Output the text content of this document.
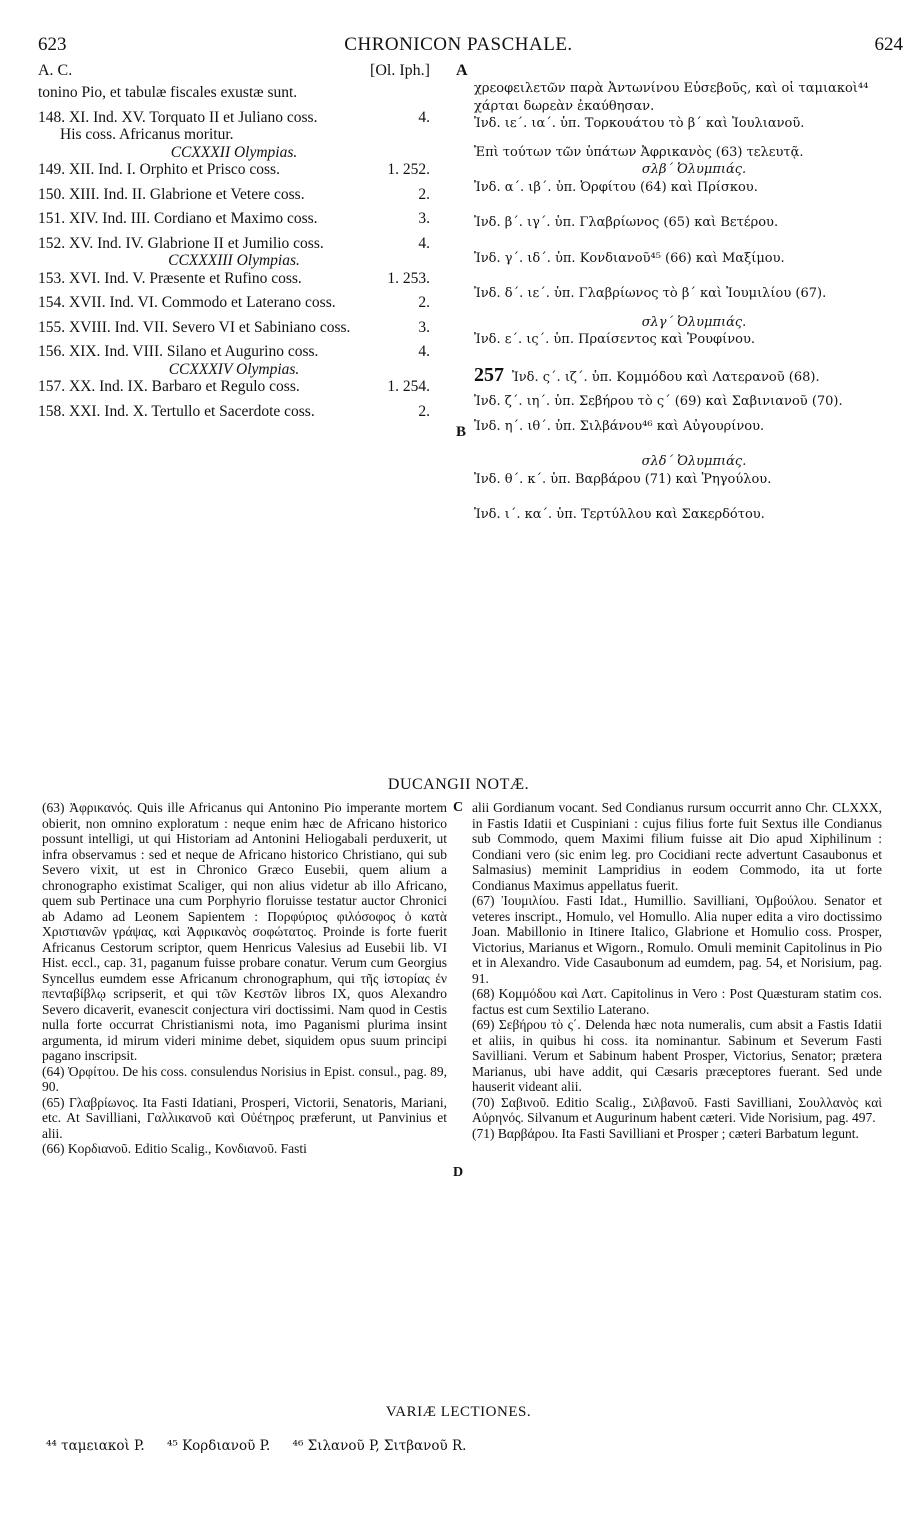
623	CHRONICON PASCHALE.	624
A. C.	[Ol. Iph.] A
tonino Pio, et tabulæ fiscales exustæ sunt.
148. XI. Ind. XV. Torquato II et Juliano coss.	4.
His coss. Africanus moritur.
CCXXXII Olympias.
149. XII. Ind. I. Orphito et Prisco coss.	1. 252.
150. XIII. Ind. II. Glabrione et Vetere coss.	2.
151. XIV. Ind. III. Cordiano et Maximo coss.	3.
152. XV. Ind. IV. Glabrione II et Jumilio coss.	4.
CCXXXIII Olympias.
153. XVI. Ind. V. Præsente et Rufino coss.	1. 253.
154. XVII. Ind. VI. Commodo et Laterano coss.	2.
155. XVIII. Ind. VII. Severo VI et Sabiniano coss.	3.
156. XIX. Ind. VIII. Silano et Augurino coss.	4.
CCXXXIV Olympias.
157. XX. Ind. IX. Barbaro et Regulo coss.	1. 254.
158. XXI. Ind. X. Tertullo et Sacerdote coss.	2.
B
χρεοφειλετῶν παρὰ Ἀντωνίνου Εὐσεβοῦς, καὶ οἱ ταμιακοὶ⁴⁴ χάρται δωρεὰν ἐκαύθησαν.
Ἰνδ. ιε΄. ια΄. ὑπ. Τορκουάτου τὸ β΄ καὶ Ἰουλιανοῦ.
Ἐπὶ τούτων τῶν ὑπάτων Ἀφρικανὸς (63) τελευτᾷ.
σλβ΄ Ὀλυμπιάς.
Ἰνδ. α΄. ιβ΄. ὑπ. Ὀρφίτου (64) καὶ Πρίσκου.
Ἰνδ. β΄. ιγ΄. ὑπ. Γλαβρίωνος (65) καὶ Βετέρου.
Ἰνδ. γ΄. ιδ΄. ὑπ. Κονδιανοῦ⁴⁵ (66) καὶ Μαξίμου.
Ἰνδ. δ΄. ιε΄. ὑπ. Γλαβρίωνος τὸ β΄ καὶ Ἰουμιλίου (67).
σλγ΄ Ὀλυμπιάς.
Ἰνδ. ε΄. ις΄. ὑπ. Πραίσεντος καὶ Ῥουφίνου.
257 Ἰνδ. ς΄. ιζ΄. ὑπ. Κομμόδου καὶ Λατερανοῦ (68).
Ἰνδ. ζ΄. ιη΄. ὑπ. Σεβήρου τὸ ς΄ (69) καὶ Σαβινιανοῦ (70).
Ἰνδ. η΄. ιθ΄. ὑπ. Σιλβάνου⁴⁶ καὶ Αὐγουρίνου.
σλδ΄ Ὀλυμπιάς.
Ἰνδ. θ΄. κ΄. ὑπ. Βαρβάρου (71) καὶ Ῥηγούλου.
Ἰνδ. ι΄. κα΄. ὑπ. Τερτύλλου καὶ Σακερδότου.
DUCANGII NOTÆ.
C
D

(63) Ἀφρικανός. Quis ille Africanus qui Antonino Pio imperante mortem obierit, non omnino exploratum : neque enim hæc de Africano historico possunt intelligi, ut qui Historiam ad Antonini Heliogabali perduxerit, ut infra observamus : sed et neque de Africano historico Christiano, qui sub Severo vixit, ut est in Chronico Græco Eusebii, quem alium a chronographo existimat Scaliger, qui non alius videtur ab illo Africano, quem sub Pertinace una cum Porphyrio floruisse testatur auctor Chronici ab Adamo ad Leonem Sapientem : Πορφύριος φιλόσοφος ὁ κατὰ Χριστιανῶν γράψας, καὶ Ἀφρικανὸς σοφώτατος. Proinde is forte fuerit Africanus Cestorum scriptor, quem Henricus Valesius ad Eusebii lib. VI Hist. eccl., cap. 31, paganum fuisse probare conatur. Verum cum Georgius Syncellus eumdem esse Africanum chronographum, qui τῆς ἱστορίας ἐν πενταβίβλῳ scripserit, et qui τῶν Κεστῶν libros IX, quos Alexandro Severo dicaverit, evanescit conjectura viri doctissimi. Nam quod in Cestis nulla forte occurrat Christianismi nota, imo Paganismi plurima insint argumenta, id mirum videri minime debet, siquidem opus suum principi pagano inscripsit.

(64) Ὀρφίτου. De his coss. consulendus Norisius in Epist. consul., pag. 89, 90.

(65) Γλαβρίωνος. Ita Fasti Idatiani, Prosperi, Victorii, Senatoris, Mariani, etc. At Savilliani, Γαλλικανοῦ καὶ Οὐέτηρος præferunt, ut Panvinius et alii.

(66) Κορδιανοῦ. Editio Scalig., Κονδιανοῦ. Fasti

alii Gordianum vocant. Sed Condianus rursum occurrit anno Chr. CLXXX, in Fastis Idatii et Cuspiniani : cujus filius forte fuit Sextus ille Condianus sub Commodo, quem Maximi filium fuisse ait Dio apud Xiphilinum : Condiani vero (sic enim leg. pro Cocidiani recte advertunt Casaubonus et Salmasius) meminit Lampridius in eodem Commodo, ita ut forte Condianus Maximus appellatus fuerit.

(67) Ἰουμιλίου. Fasti Idat., Humillio. Savilliani, Ὀμβούλου. Senator et veteres inscript., Homulo, vel Homullo. Alia nuper edita a viro doctissimo Joan. Mabillonio in Itinere Italico, Glabrione et Homulio coss. Prosper, Victorius, Marianus et Wigorn., Romulo. Omuli meminit Capitolinus in Pio et in Alexandro. Vide Casaubonum ad eumdem, pag. 54, et Norisium, pag. 91.

(68) Κομμόδου καὶ Λατ. Capitolinus in Vero : Post Quæsturam statim cos. factus est cum Sextilio Laterano.

(69) Σεβήρου τὸ ς΄. Delenda hæc nota numeralis, cum absit a Fastis Idatii et aliis, in quibus hi coss. ita nominantur. Sabinum et Severum Fasti Savilliani. Verum et Sabinum habent Prosper, Victorius, Senator; prætera Marianus, ubi have addit, qui Cæsaris præceptores fuerant. Sed unde hauserit videant alii.

(70) Σαβινοῦ. Editio Scalig., Σιλβανοῦ. Fasti Savilliani, Σουλλανὸς καὶ Αὐρηνός. Silvanum et Augurinum habent cæteri. Vide Norisium, pag. 497.

(71) Βαρβάρου. Ita Fasti Savilliani et Prosper ; cæteri Barbatum legunt.

VARIÆ LECTIONES.
⁴⁴ ταμειακοὶ P. ⁴⁵ Κορδιανοῦ P. ⁴⁶ Σιλανοῦ P, Σιτβανοῦ R.
